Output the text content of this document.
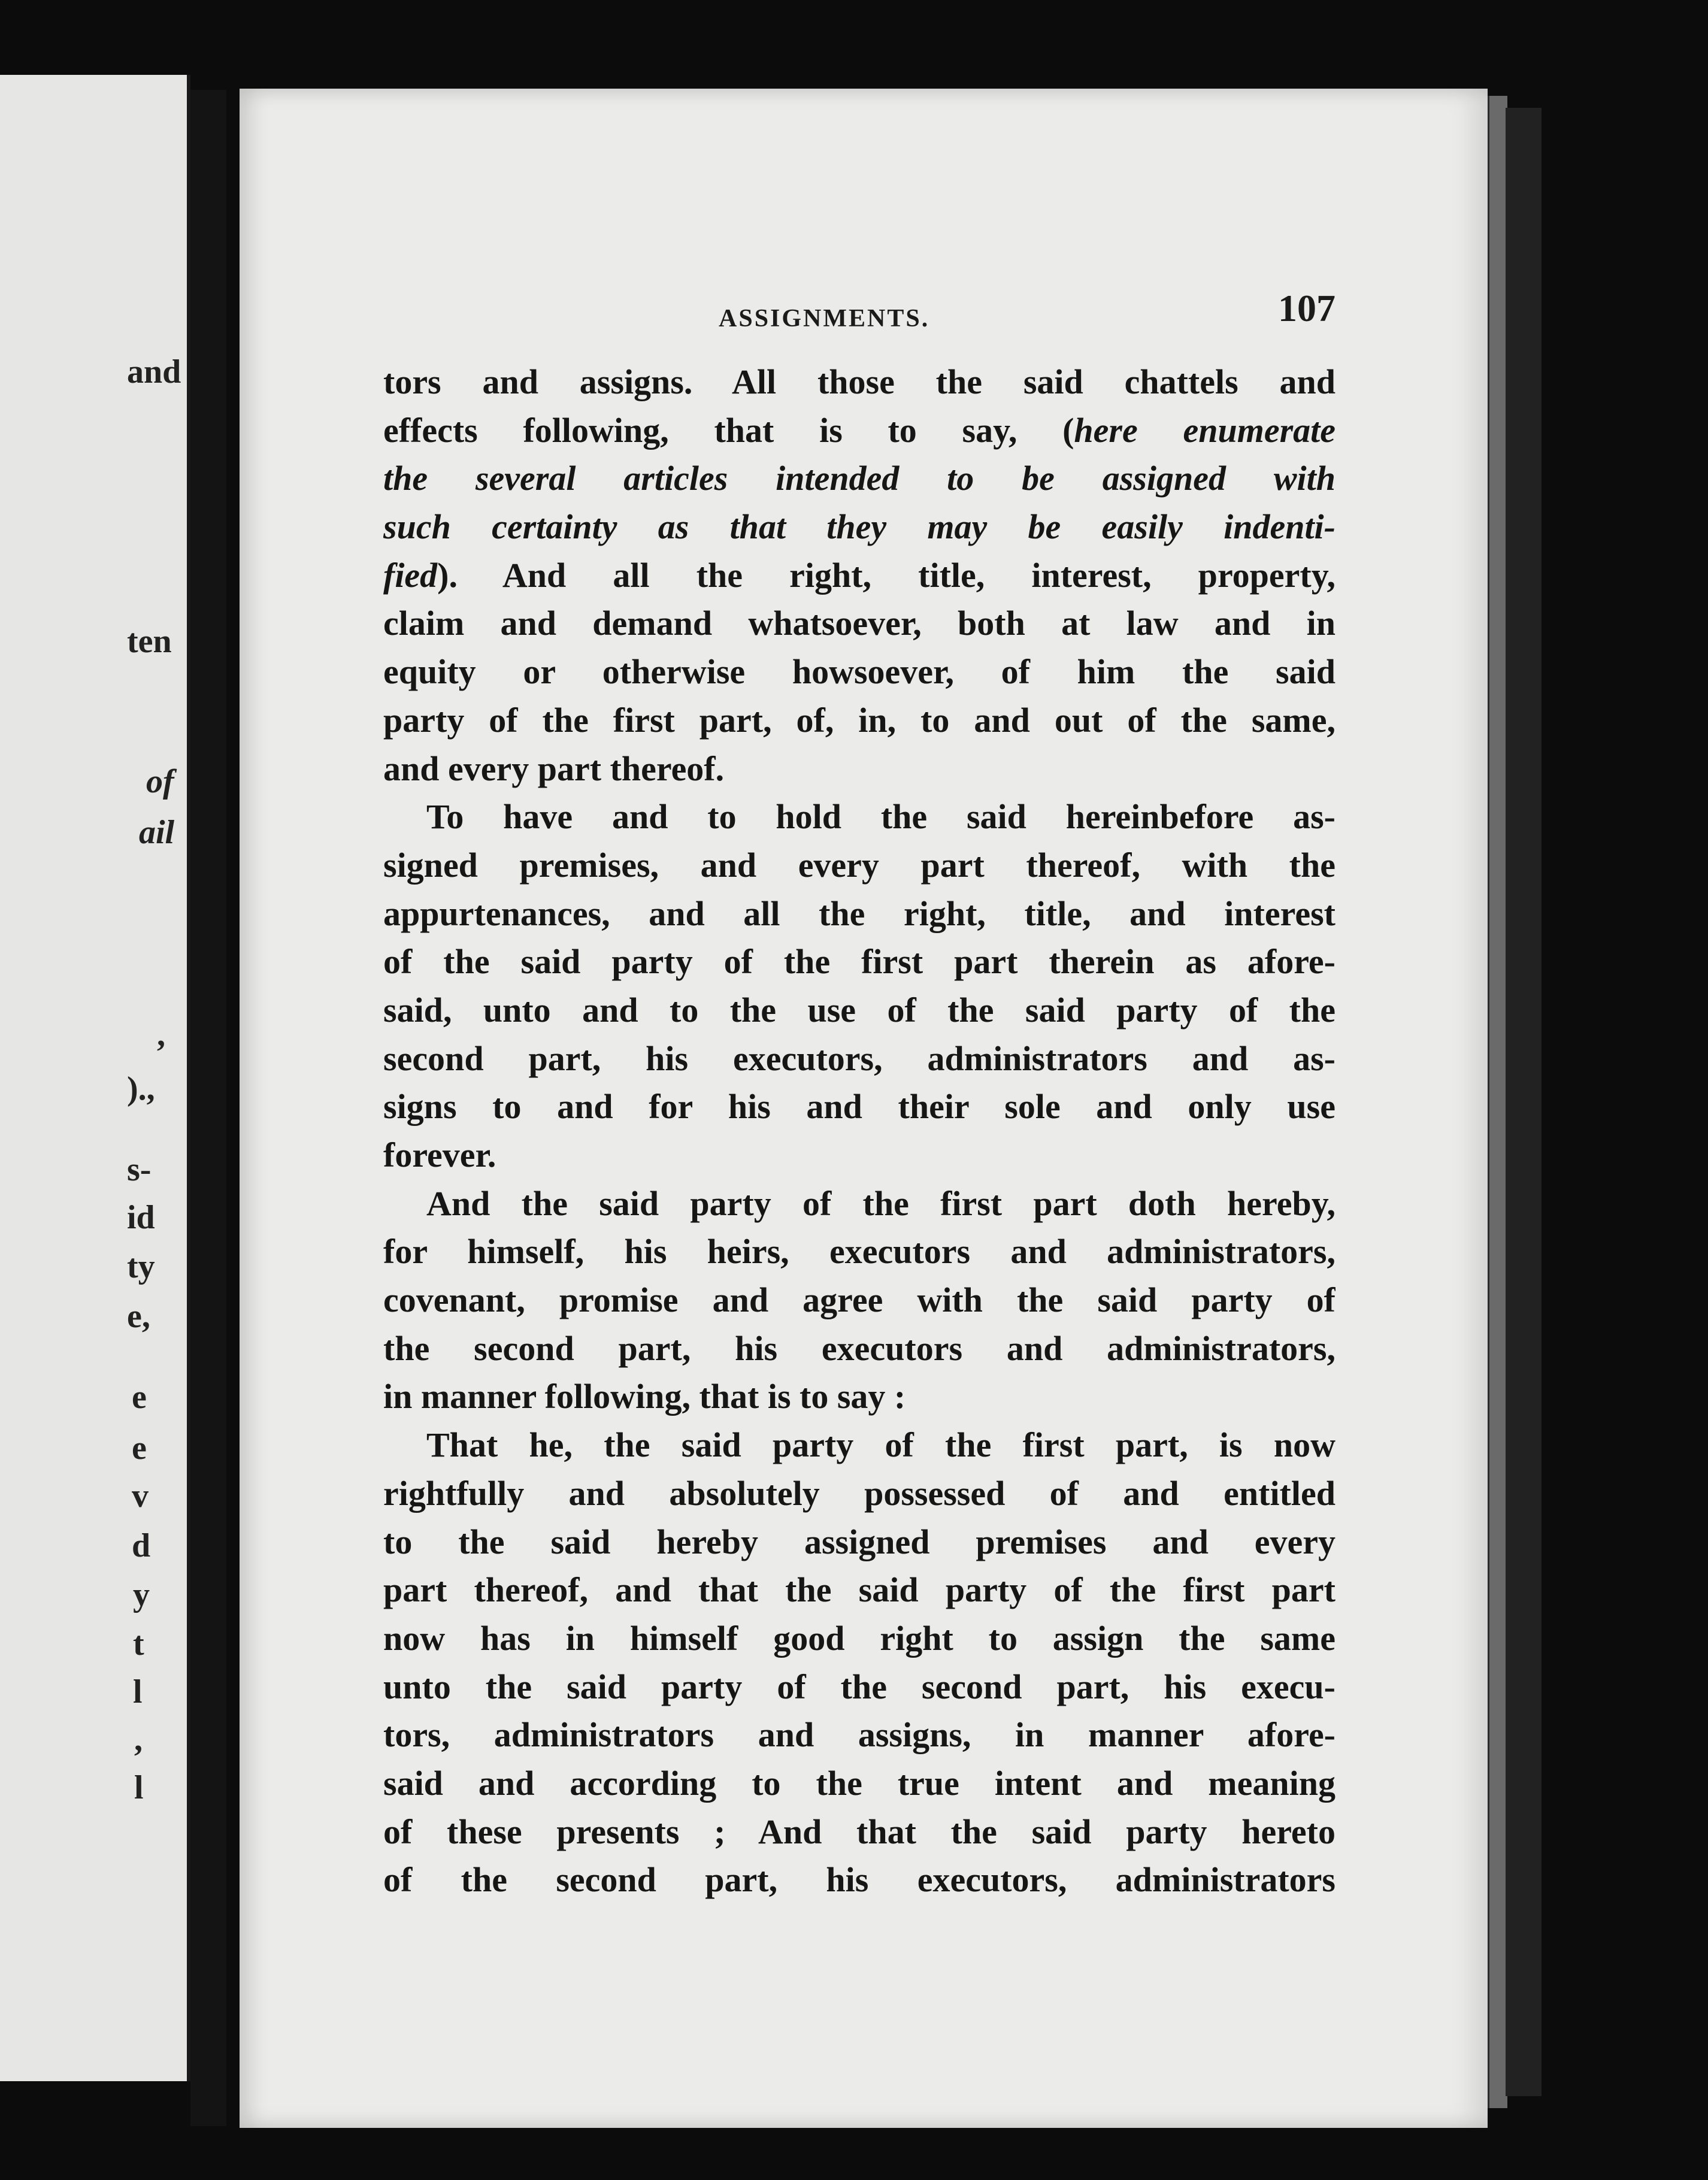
and
ten
of
ail
,
).,
s-
id
ty
e,
e
e
v
d
y
t
l
,
l
ASSIGNMENTS.	107
tors and assigns. All those the said chattels and
effects following, that is to say, (here enumerate
the several articles intended to be assigned with
such certainty as that they may be easily indenti-
fied). And all the right, title, interest, property,
claim and demand whatsoever, both at law and in
equity or otherwise howsoever, of him the said
party of the first part, of, in, to and out of the same,
and every part thereof.
To have and to hold the said hereinbefore as-
signed premises, and every part thereof, with the
appurtenances, and all the right, title, and interest
of the said party of the first part therein as afore-
said, unto and to the use of the said party of the
second part, his executors, administrators and as-
signs to and for his and their sole and only use
forever.
And the said party of the first part doth hereby,
for himself, his heirs, executors and administrators,
covenant, promise and agree with the said party of
the second part, his executors and administrators,
in manner following, that is to say :
That he, the said party of the first part, is now
rightfully and absolutely possessed of and entitled
to the said hereby assigned premises and every
part thereof, and that the said party of the first part
now has in himself good right to assign the same
unto the said party of the second part, his execu-
tors, administrators and assigns, in manner afore-
said and according to the true intent and meaning
of these presents ; And that the said party hereto
of the second part, his executors, administrators
